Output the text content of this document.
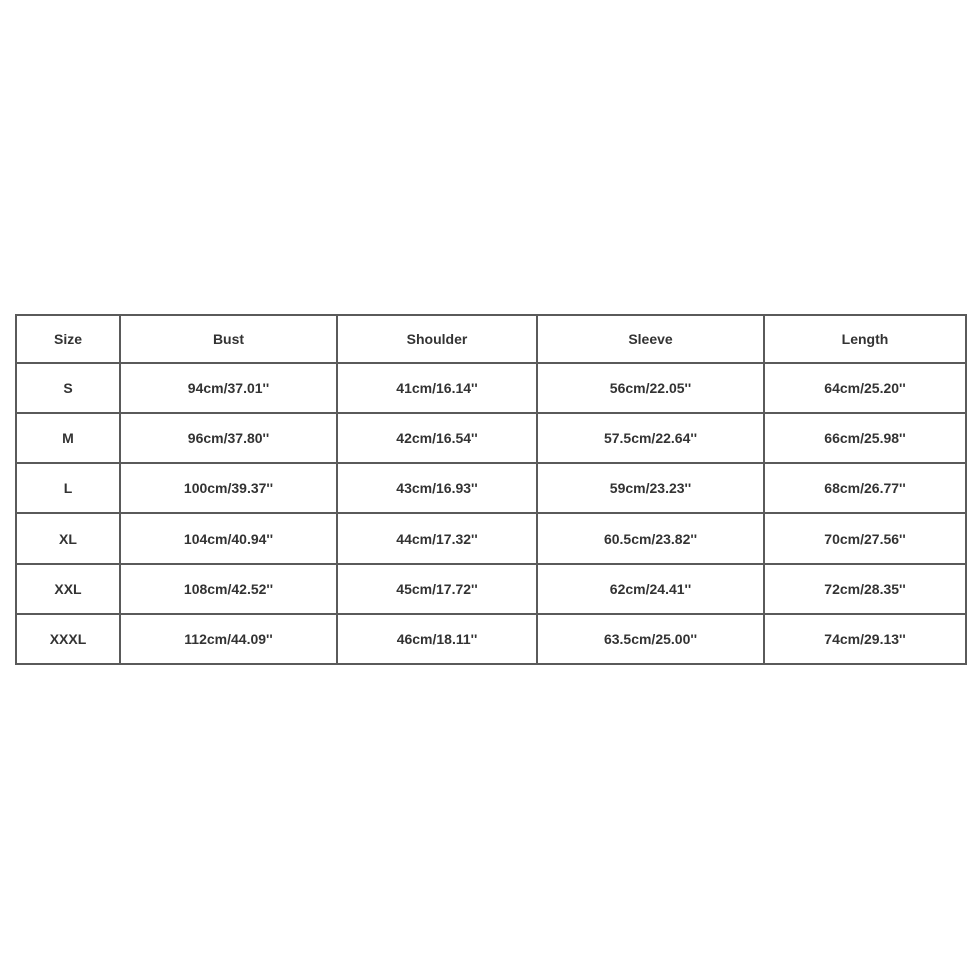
Size	Bust	Shoulder	Sleeve	Length
S	94cm/37.01''	41cm/16.14''	56cm/22.05''	64cm/25.20''
M	96cm/37.80''	42cm/16.54''	57.5cm/22.64''	66cm/25.98''
L	100cm/39.37''	43cm/16.93''	59cm/23.23''	68cm/26.77''
XL	104cm/40.94''	44cm/17.32''	60.5cm/23.82''	70cm/27.56''
XXL	108cm/42.52''	45cm/17.72''	62cm/24.41''	72cm/28.35''
XXXL	112cm/44.09''	46cm/18.11''	63.5cm/25.00''	74cm/29.13''
